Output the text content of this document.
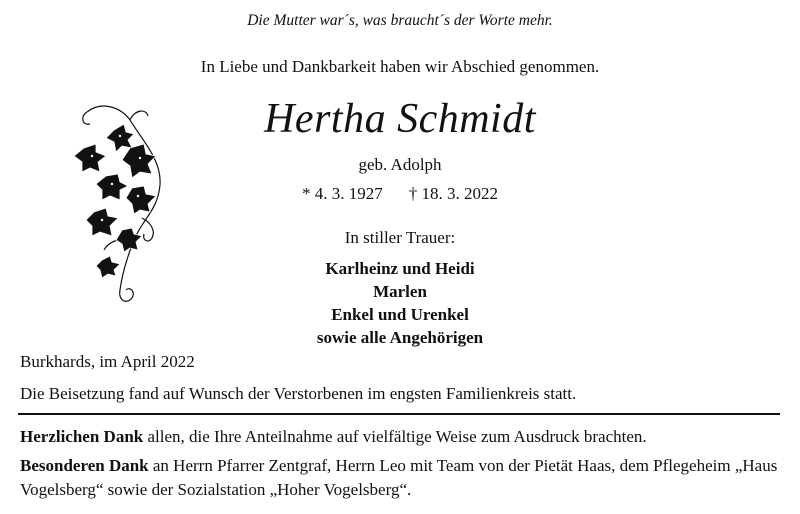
Die Mutter war´s, was braucht´s der Worte mehr.
In Liebe und Dankbarkeit haben wir Abschied genommen.
Hertha Schmidt
geb. Adolph
* 4. 3. 1927 † 18. 3. 2022
In stiller Trauer:
Karlheinz und Heidi
Marlen
Enkel und Urenkel
sowie alle Angehörigen
Burkhards, im April 2022
Die Beisetzung fand auf Wunsch der Verstorbenen im engsten Familienkreis statt.

Herzlichen Dank allen, die Ihre Anteilnahme auf vielfältige Weise zum Ausdruck brachten.

Besonderen Dank an Herrn Pfarrer Zentgraf, Herrn Leo mit Team von der Pietät Haas, dem Pflegeheim „Haus Vogelsberg“ sowie der Sozialstation „Hoher Vogelsberg“.
